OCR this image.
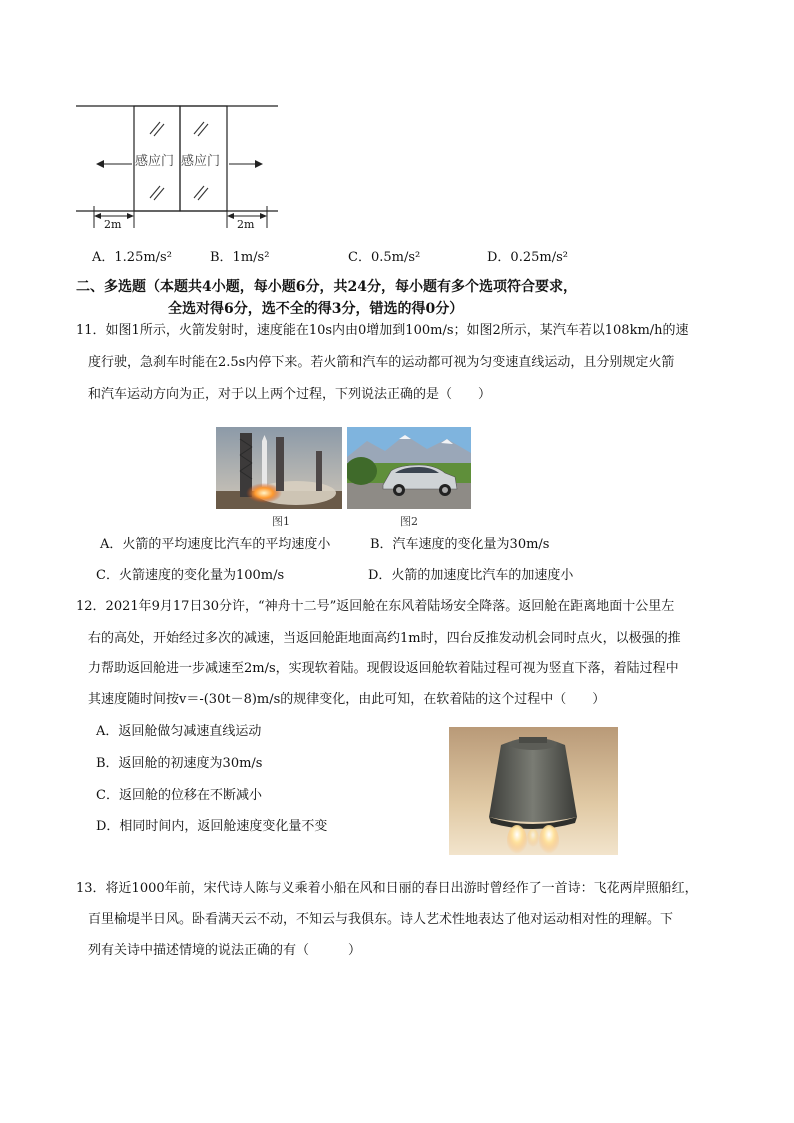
感应门 感应门
2m	2m
A．1.25m/s²	B．1m/s²	C．0.5m/s²	D．0.25m/s²
二、多选题（本题共4小题，每小题6分，共24分，每小题有多个选项符合要求，
全选对得6分，选不全的得3分，错选的得0分）
11．如图1所示，火箭发射时，速度能在10s内由0增加到100m/s；如图2所示，某汽车若以108km/h的速
度行驶，急刹车时能在2.5s内停下来。若火箭和汽车的运动都可视为匀变速直线运动，且分别规定火箭
和汽车运动方向为正，对于以上两个过程，下列说法正确的是（　　）
图1	图2
A．火箭的平均速度比汽车的平均速度小	B．汽车速度的变化量为30m/s
C．火箭速度的变化量为100m/s	D．火箭的加速度比汽车的加速度小
12．2021年9月17日30分许，“神舟十二号”返回舱在东风着陆场安全降落。返回舱在距离地面十公里左
右的高处，开始经过多次的减速，当返回舱距地面高约1m时，四台反推发动机会同时点火，以极强的推
力帮助返回舱进一步减速至2m/s，实现软着陆。现假设返回舱软着陆过程可视为竖直下落，着陆过程中
其速度随时间按v＝-(30t－8)m/s的规律变化，由此可知，在软着陆的这个过程中（　　）
A．返回舱做匀减速直线运动
B．返回舱的初速度为30m/s
C．返回舱的位移在不断减小
D．相同时间内，返回舱速度变化量不变
13．将近1000年前，宋代诗人陈与义乘着小船在风和日丽的春日出游时曾经作了一首诗：飞花两岸照船红，
百里榆堤半日风。卧看满天云不动，不知云与我俱东。诗人艺术性地表达了他对运动相对性的理解。下
列有关诗中描述情境的说法正确的有（　　　）
